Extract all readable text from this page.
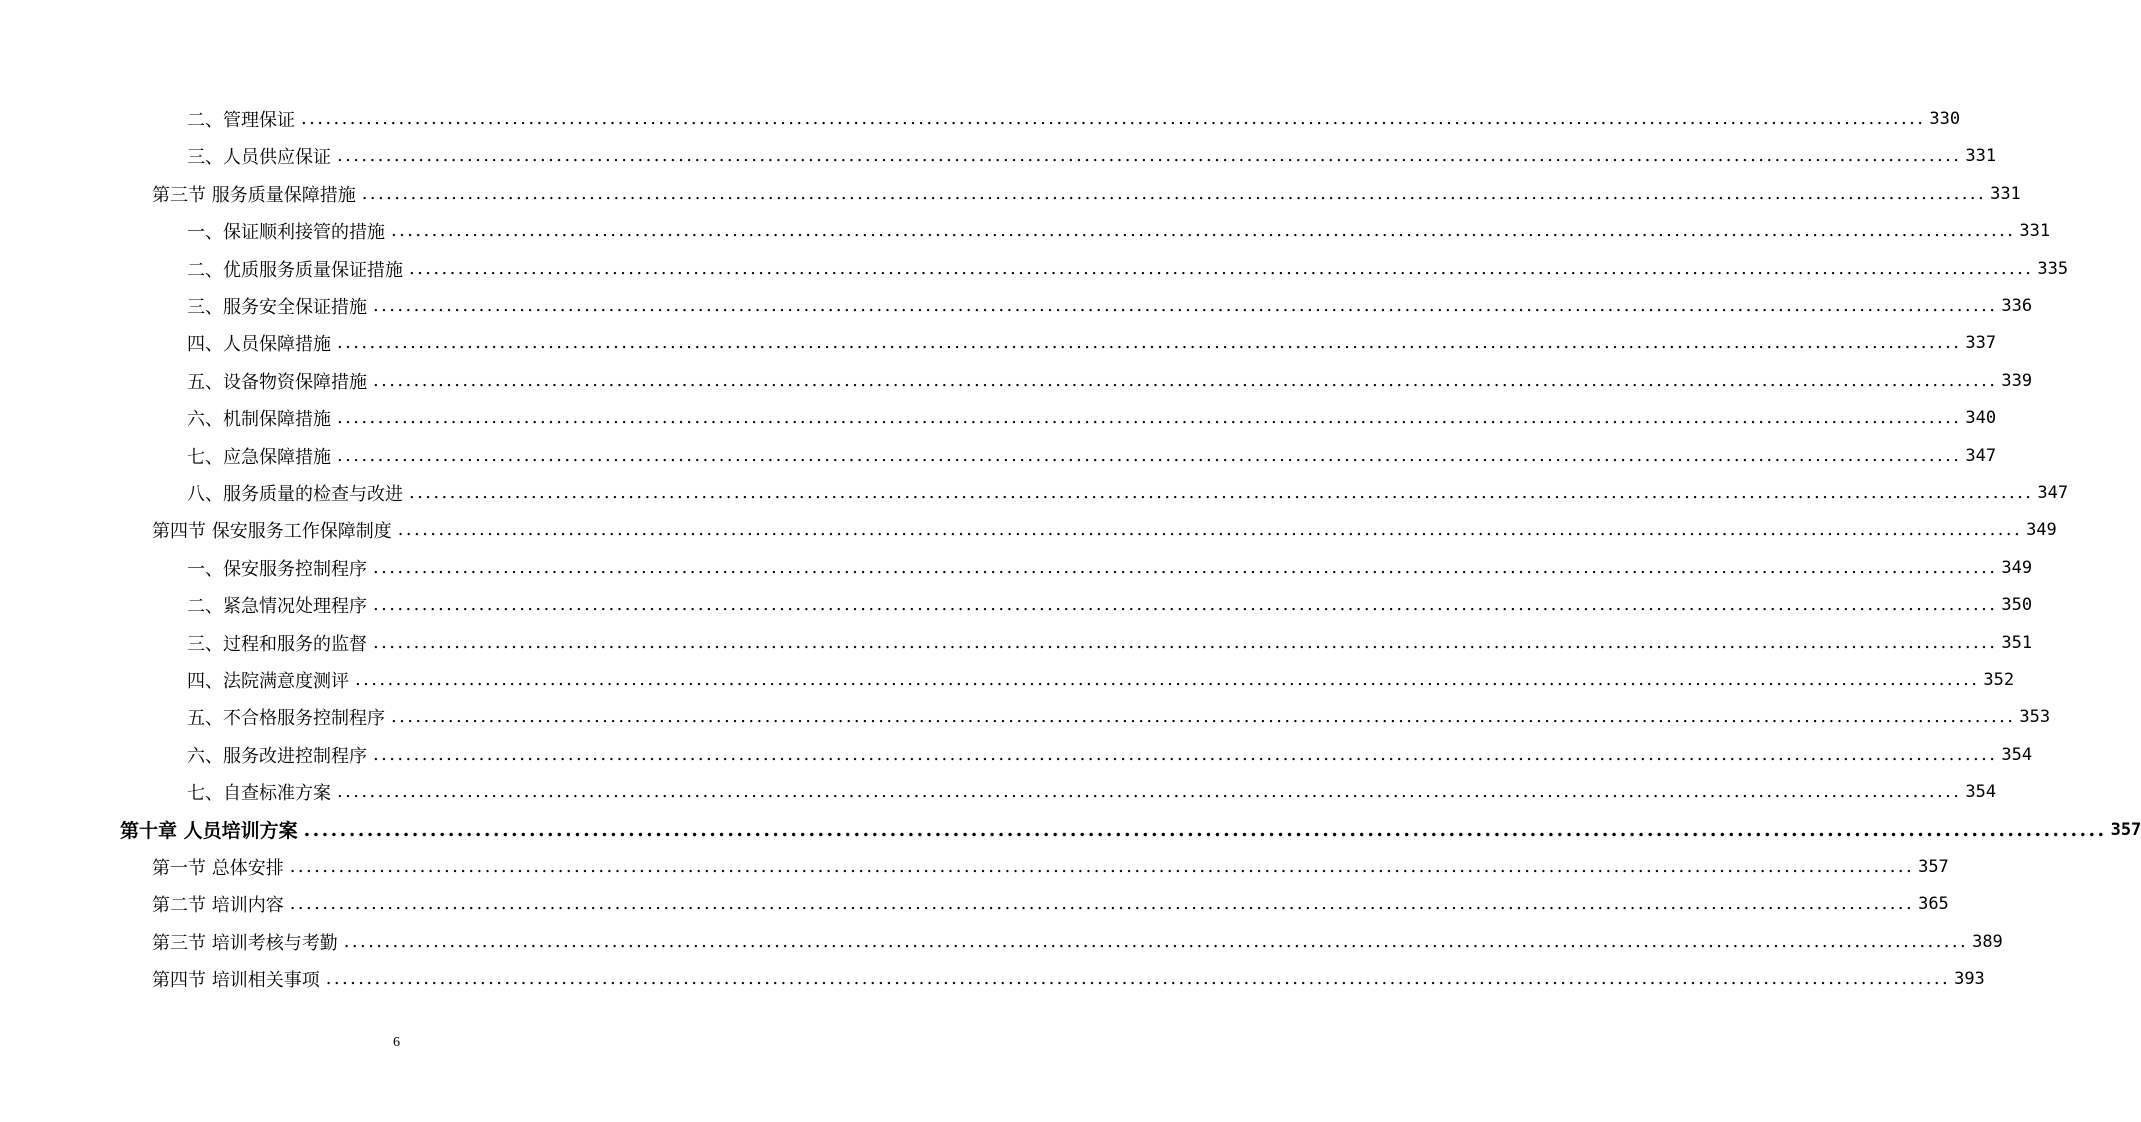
二、管理保证 ........................................................................................................................................................................................................ 330
三、人员供应保证 ........................................................................................................................................................................................................ 331
第三节 服务质量保障措施 ........................................................................................................................................................................................................ 331
一、保证顺利接管的措施 ........................................................................................................................................................................................................ 331
二、优质服务质量保证措施 ........................................................................................................................................................................................................ 335
三、服务安全保证措施 ........................................................................................................................................................................................................ 336
四、人员保障措施 ........................................................................................................................................................................................................ 337
五、设备物资保障措施 ........................................................................................................................................................................................................ 339
六、机制保障措施 ........................................................................................................................................................................................................ 340
七、应急保障措施 ........................................................................................................................................................................................................ 347
八、服务质量的检查与改进 ........................................................................................................................................................................................................ 347
第四节 保安服务工作保障制度 ........................................................................................................................................................................................................ 349
一、保安服务控制程序 ........................................................................................................................................................................................................ 349
二、紧急情况处理程序 ........................................................................................................................................................................................................ 350
三、过程和服务的监督 ........................................................................................................................................................................................................ 351
四、法院满意度测评 ........................................................................................................................................................................................................ 352
五、不合格服务控制程序 ........................................................................................................................................................................................................ 353
六、服务改进控制程序 ........................................................................................................................................................................................................ 354
七、自查标准方案 ........................................................................................................................................................................................................ 354
第十章 人员培训方案 ........................................................................................................................................................................................................ 357
第一节 总体安排 ........................................................................................................................................................................................................ 357
第二节 培训内容 ........................................................................................................................................................................................................ 365
第三节 培训考核与考勤 ........................................................................................................................................................................................................ 389
第四节 培训相关事项 ........................................................................................................................................................................................................ 393
6
